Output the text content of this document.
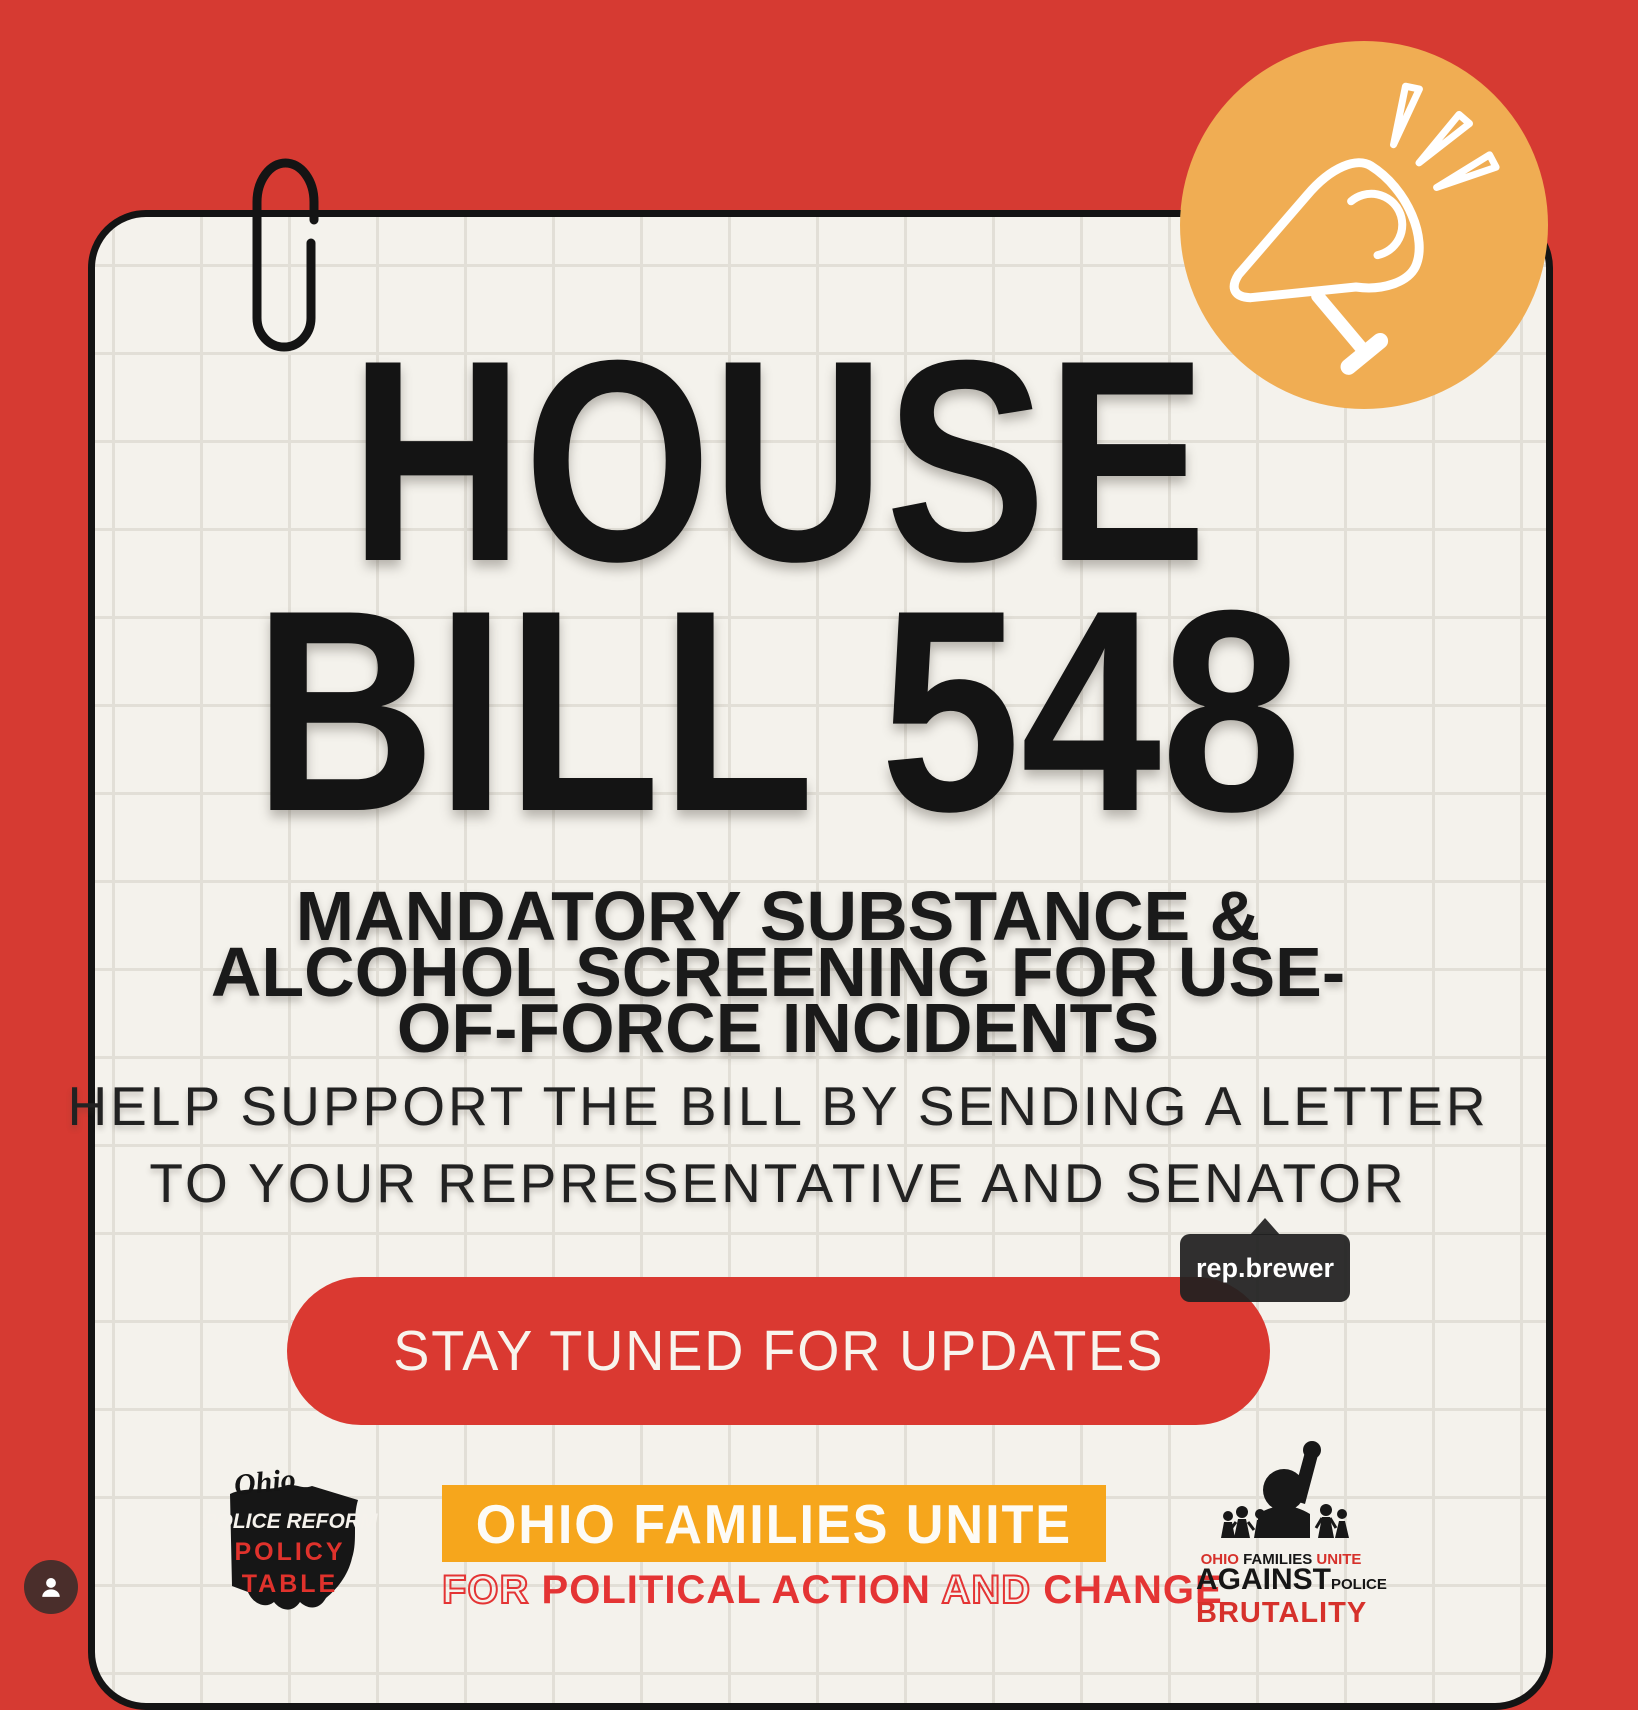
HOUSE
BILL 548
MANDATORY SUBSTANCE &
ALCOHOL SCREENING FOR USE-
OF-FORCE INCIDENTS
HELP SUPPORT THE BILL BY SENDING A LETTER
TO YOUR REPRESENTATIVE AND SENATOR
STAY TUNED FOR UPDATES
rep.brewer
Ohio
POLICE REFORM
POLICY
TABLE
OHIO FAMILIES UNITE
FOR POLITICAL ACTION AND CHANGE
OHIO FAMILIES UNITE
AGAINSTPOLICE
BRUTALITY
